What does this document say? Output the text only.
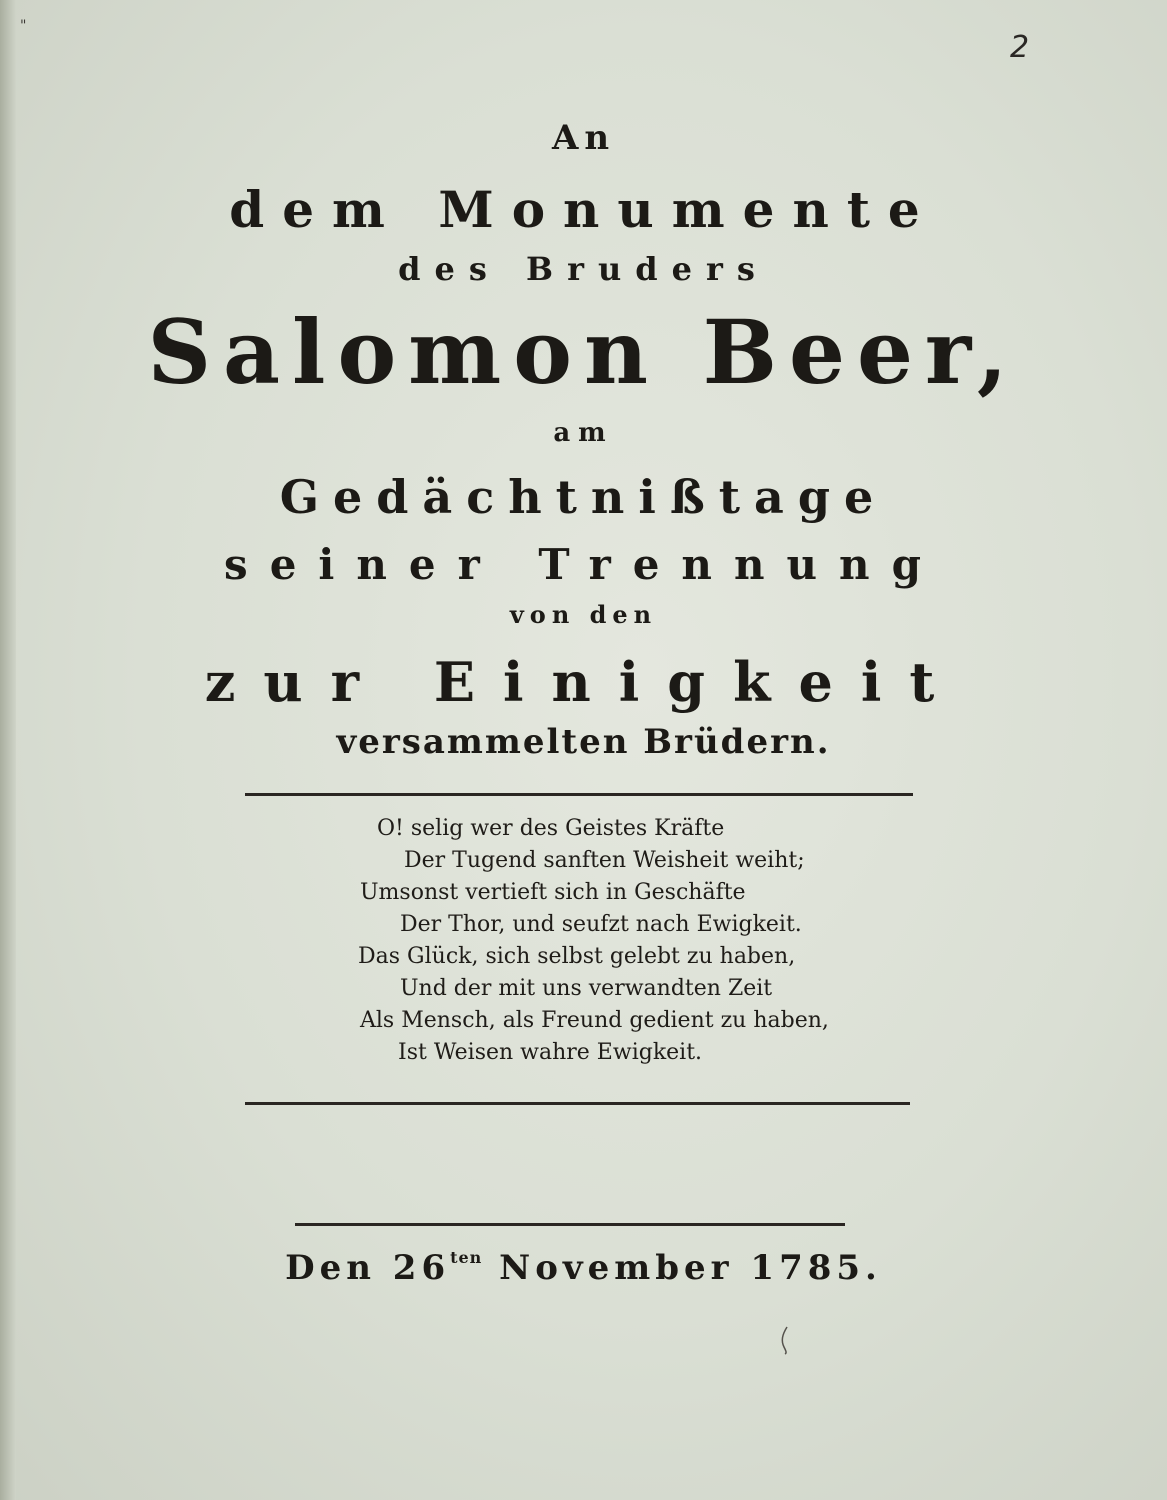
"
2
An
dem Monumente
des Bruders
Salomon Beer,
am
Gedächtnißtage
seiner Trennung
von den
zur Einigkeit
versammelten Brüdern.
O! selig wer des Geistes Kräfte
Der Tugend sanften Weisheit weiht;
Umsonst vertieft sich in Geschäfte
Der Thor, und seufzt nach Ewigkeit.
Das Glück, sich selbst gelebt zu haben,
Und der mit uns verwandten Zeit
Als Mensch, als Freund gedient zu haben,
Ist Weisen wahre Ewigkeit.
Den $26^{ten}$ November 1785.
